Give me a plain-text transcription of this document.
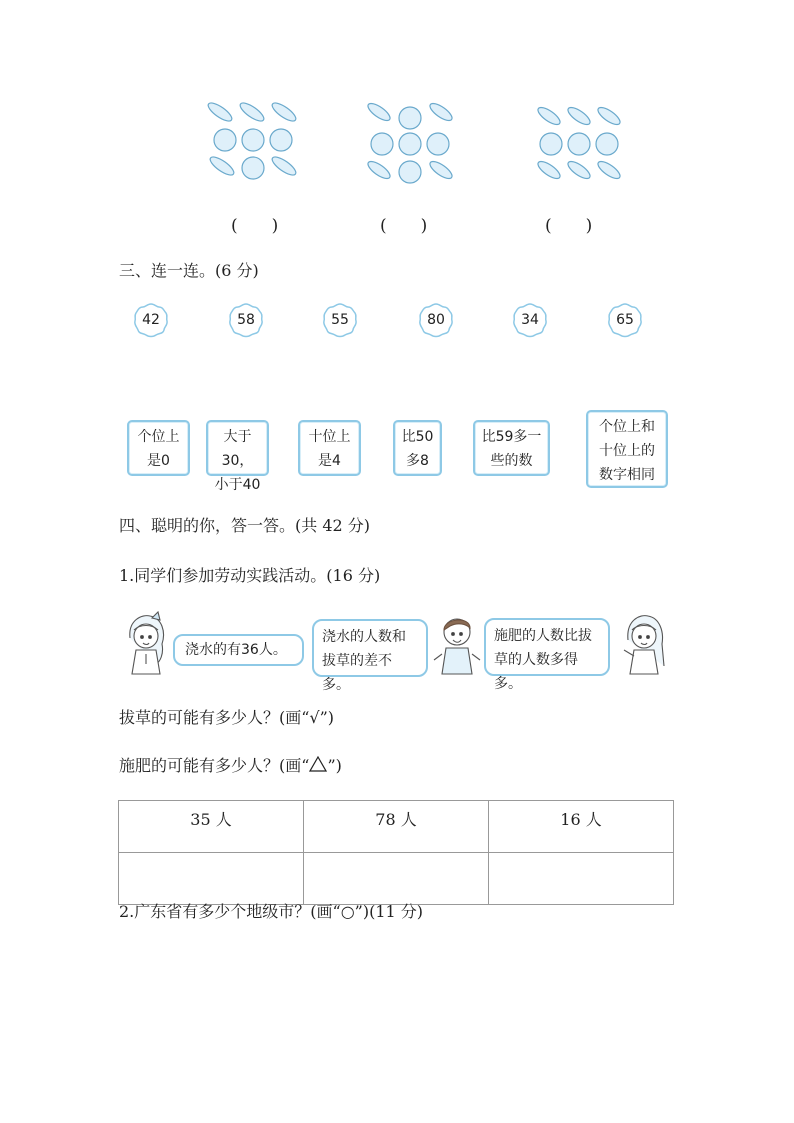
(　　)	(　　)	(　　)
三、连一连。(6 分)
42	58	55	80	34	65
个位上
是0
大于30，
小于40
十位上
是4
比50
多8
比59多一
些的数
个位上和
十位上的
数字相同
四、聪明的你，答一答。(共 42 分)
1.同学们参加劳动实践活动。(16 分)
浇水的有36人。
浇水的人数和
拔草的差不多。
施肥的人数比拔
草的人数多得多。
拔草的可能有多少人？(画“√”)
施肥的可能有多少人？(画“ ”)
35 人	78 人	16 人

2.广东省有多少个地级市？(画“○”)(11 分)
